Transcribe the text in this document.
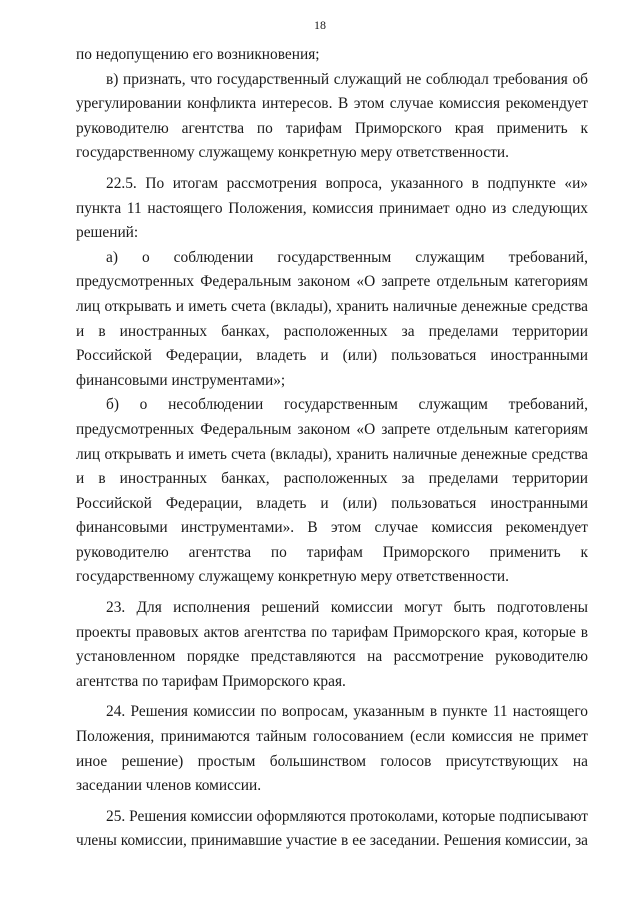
18

по недопущению его возникновения;

в) признать, что государственный служащий не соблюдал требования об урегулировании конфликта интересов. В этом случае комиссия рекомендует руководителю агентства по тарифам Приморского края применить к государственному служащему конкретную меру ответственности.

22.5. По итогам рассмотрения вопроса, указанного в подпункте «и» пункта 11 настоящего Положения, комиссия принимает одно из следующих решений:

а) о соблюдении государственным служащим требований, предусмотренных Федеральным законом «О запрете отдельным категориям лиц открывать и иметь счета (вклады), хранить наличные денежные средства и в иностранных банках, расположенных за пределами территории Российской Федерации, владеть и (или) пользоваться иностранными финансовыми инструментами»;

б) о несоблюдении государственным служащим требований, предусмотренных Федеральным законом «О запрете отдельным категориям лиц открывать и иметь счета (вклады), хранить наличные денежные средства и в иностранных банках, расположенных за пределами территории Российской Федерации, владеть и (или) пользоваться иностранными финансовыми инструментами». В этом случае комиссия рекомендует руководителю агентства по тарифам Приморского применить к государственному служащему конкретную меру ответственности.

23. Для исполнения решений комиссии могут быть подготовлены проекты правовых актов агентства по тарифам Приморского края, которые в установленном порядке представляются на рассмотрение руководителю агентства по тарифам Приморского края.

24. Решения комиссии по вопросам, указанным в пункте 11 настоящего Положения, принимаются тайным голосованием (если комиссия не примет иное решение) простым большинством голосов присутствующих на заседании членов комиссии.

25. Решения комиссии оформляются протоколами, которые подписывают члены комиссии, принимавшие участие в ее заседании. Решения комиссии, за
